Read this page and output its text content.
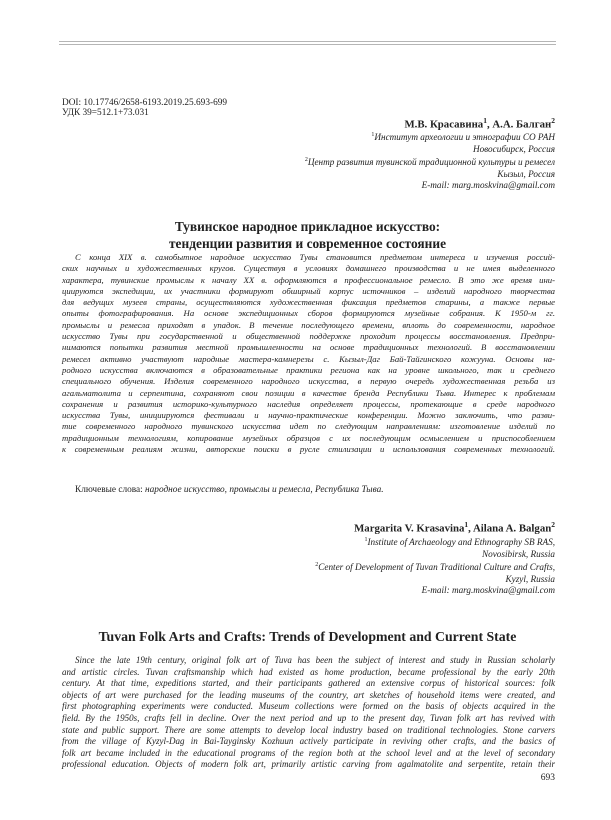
DOI: 10.17746/2658-6193.2019.25.693-699
УДК 39=512.1+73.031
М.В. Красавина$^1$, А.А. Балган$^2$
$^1$Институт археологии и этнографии СО РАН
Новосибирск, Россия
$^2$Центр развития тувинской традиционной культуры и ремесел
Кызыл, Россия
E-mail: marg.moskvina@gmail.com
Тувинское народное прикладное искусство:
тенденции развития и современное состояние
С конца XIX в. самобытное народное искусство Тувы становится предметом интереса и изучения россий-
ских научных и художественных кругов. Существуя в условиях домашнего производства и не имея выделенного
характера, тувинские промыслы к началу XX в. оформляются в профессиональное ремесло. В это же время ини-
циируются экспедиции, их участники формируют обширный корпус источников – изделий народного творчества
для ведущих музеев страны, осуществляются художественная фиксация предметов старины, а также первые
опыты фотографирования. На основе экспедиционных сборов формируются музейные собрания. К 1950-м гг.
промыслы и ремесла приходят в упадок. В течение последующего времени, вплоть до современности, народное
искусство Тувы при государственной и общественной поддержке проходит процессы восстановления. Предпри-
нимаются попытки развития местной промышленности на основе традиционных технологий. В восстановлении
ремесел активно участвуют народные мастера-камнерезы с. Кызыл-Даг Бай-Тайгинского кожууна. Основы на-
родного искусства включаются в образовательные практики региона как на уровне школьного, так и среднего
специального обучения. Изделия современного народного искусства, в первую очередь художественная резьба из
агальматолита и серпентина, сохраняют свои позиции в качестве бренда Республики Тыва. Интерес к проблемам
сохранения и развития историко-культурного наследия определяет процессы, протекающие в среде народного
искусства Тувы, инициируются фестивали и научно-практические конференции. Можно заключить, что разви-
тие современного народного тувинского искусства идет по следующим направлениям: изготовление изделий по
традиционным технологиям, копирование музейных образцов с их последующим осмыслением и приспособлением
к современным реалиям жизни, авторские поиски в русле стилизации и использования современных технологий.
Ключевые слова: народное искусство, промыслы и ремесла, Республика Тыва.
Margarita V. Krasavina$^1$, Ailana A. Balgan$^2$
$^1$Institute of Archaeology and Ethnography SB RAS,
Novosibirsk, Russia
$^2$Center of Development of Tuvan Traditional Culture and Crafts,
Kyzyl, Russia
E-mail: marg.moskvina@gmail.com
Tuvan Folk Arts and Crafts: Trends of Development and Current State
Since the late 19th century, original folk art of Tuva has been the subject of interest and study in Russian scholarly
and artistic circles. Tuvan craftsmanship which had existed as home production, became professional by the early 20th
century. At that time, expeditions started, and their participants gathered an extensive corpus of historical sources: folk
objects of art were purchased for the leading museums of the country, art sketches of household items were created, and
first photographing experiments were conducted. Museum collections were formed on the basis of objects acquired in the
field. By the 1950s, crafts fell in decline. Over the next period and up to the present day, Tuvan folk art has revived with
state and public support. There are some attempts to develop local industry based on traditional technologies. Stone carvers
from the village of Kyzyl-Dag in Bai-Tayginsky Kozhuun actively participate in reviving other crafts, and the basics of
folk art became included in the educational programs of the region both at the school level and at the level of secondary
professional education. Objects of modern folk art, primarily artistic carving from agalmatolite and serpentite, retain their
693
